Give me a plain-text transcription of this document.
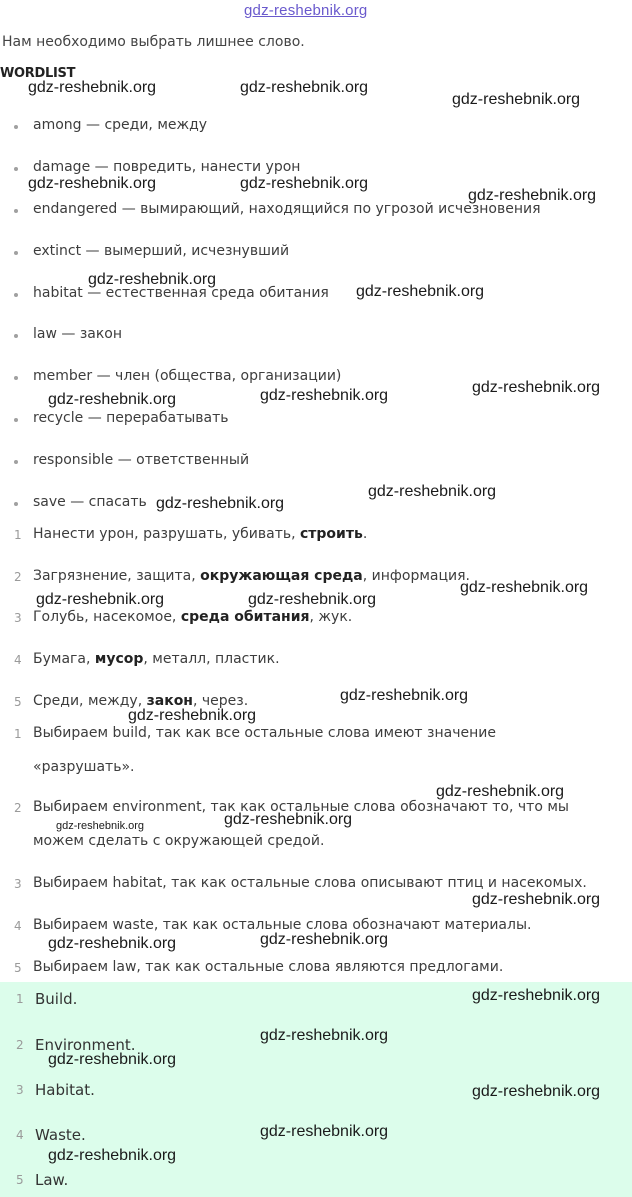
gdz-reshebnik.org
Нам необходимо выбрать лишнее слово.
WORDLIST
among — среди, между
damage — повредить, нанести урон
endangered — вымирающий, находящийся по угрозой исчезновения
extinct — вымерший, исчезнувший
habitat — естественная среда обитания
law — закон
member — член (общества, организации)
recycle — перерабатывать
responsible — ответственный
save — спасать
1 Нанести урон, разрушать, убивать, строить.
2 Загрязнение, защита, окружающая среда, информация.
3 Голубь, насекомое, среда обитания, жук.
4 Бумага, мусор, металл, пластик.
5 Среди, между, закон, через.
1 Выбираем build, так как все остальные слова имеют значение
«разрушать».
2 Выбираем environment, так как остальные слова обозначают то, что мы
можем сделать с окружающей средой.
3 Выбираем habitat, так как остальные слова описывают птиц и насекомых.
4 Выбираем waste, так как остальные слова обозначают материалы.
5 Выбираем law, так как остальные слова являются предлогами.
1 Build.
2 Environment.
3 Habitat.
4 Waste.
5 Law.
gdz-reshebnik.org	gdz-reshebnik.org
gdz-reshebnik.org
gdz-reshebnik.org	gdz-reshebnik.org
gdz-reshebnik.org
gdz-reshebnik.org
gdz-reshebnik.org
gdz-reshebnik.org	gdz-reshebnik.org	gdz-reshebnik.org
gdz-reshebnik.org
gdz-reshebnik.org
gdz-reshebnik.org	gdz-reshebnik.org
gdz-reshebnik.org
gdz-reshebnik.org
gdz-reshebnik.org
gdz-reshebnik.org
gdz-reshebnik.org	gdz-reshebnik.org
gdz-reshebnik.org
gdz-reshebnik.org	gdz-reshebnik.org
gdz-reshebnik.org
gdz-reshebnik.org
gdz-reshebnik.org
gdz-reshebnik.org
gdz-reshebnik.org
gdz-reshebnik.org
